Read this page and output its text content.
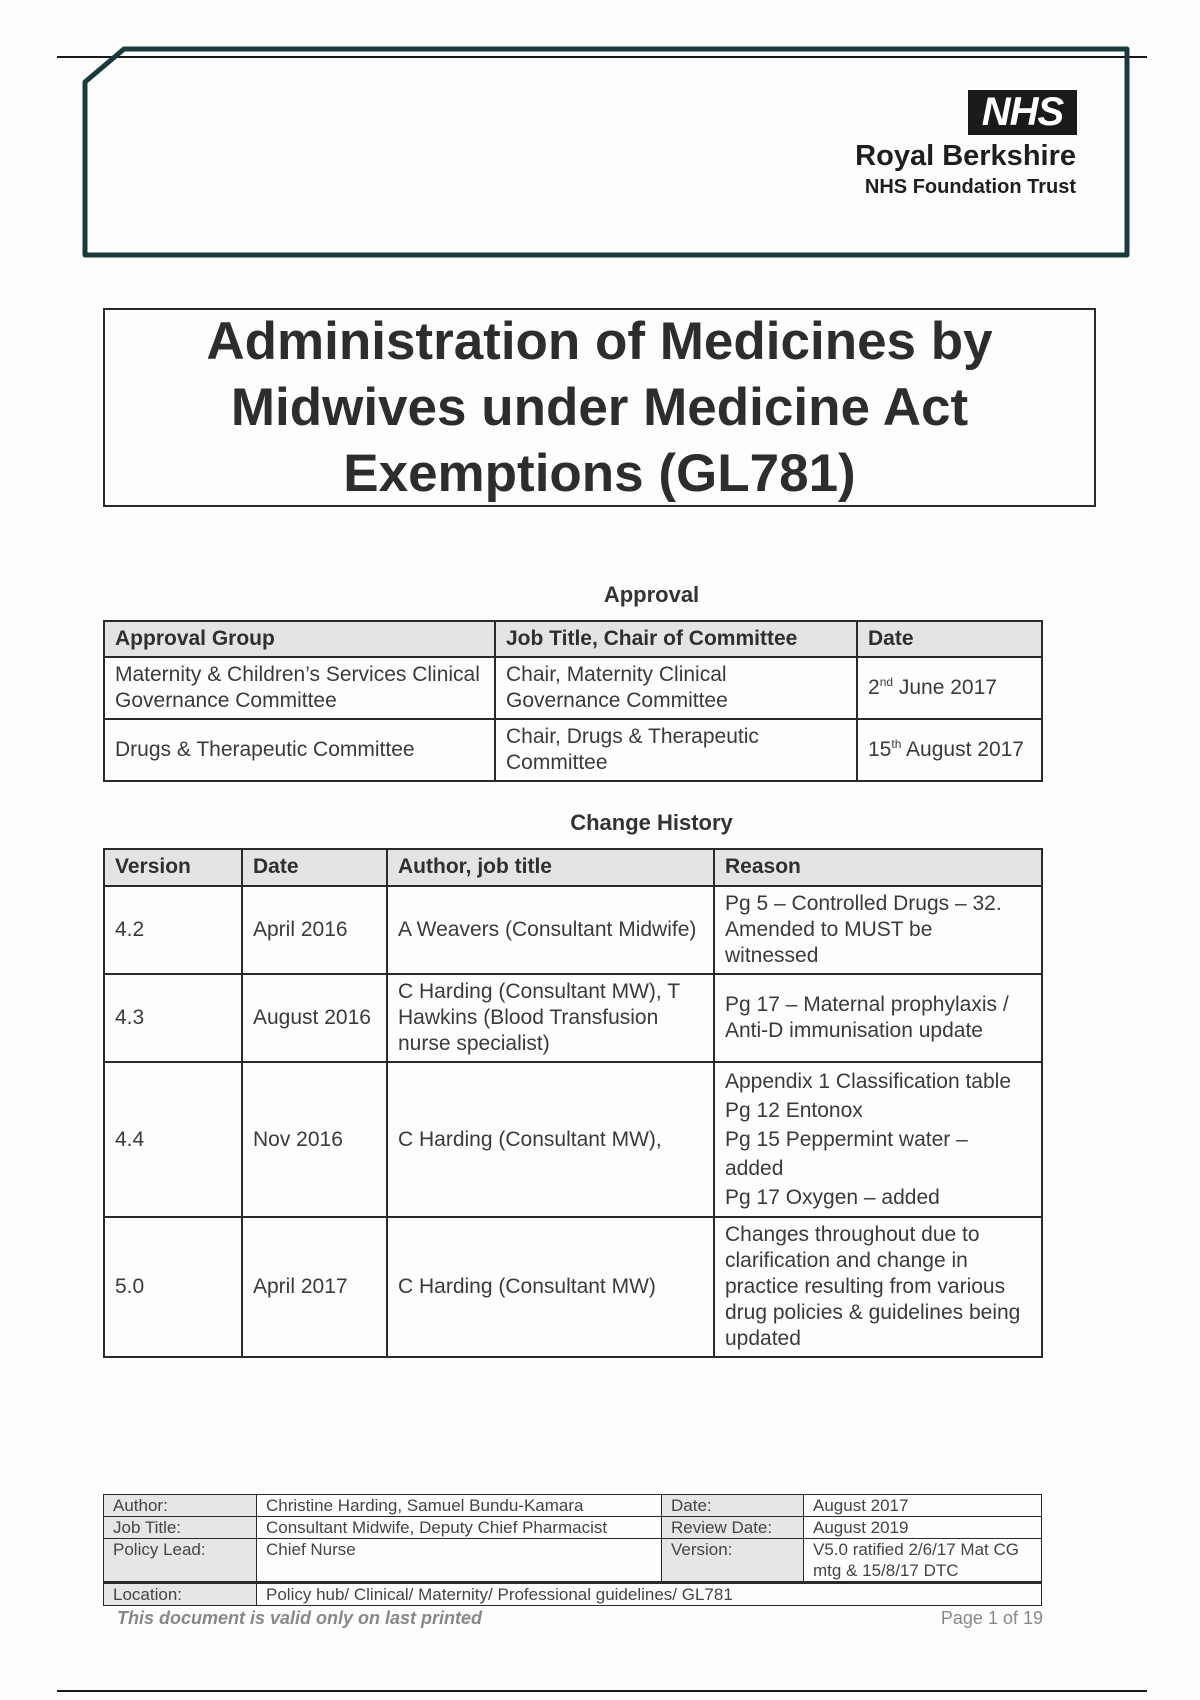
NHS
Royal Berkshire
NHS Foundation Trust
Administration of Medicines by
Midwives under Medicine Act
Exemptions (GL781)
Approval
Approval Group	Job Title, Chair of Committee	Date
Maternity & Children’s Services Clinical Governance Committee	Chair, Maternity Clinical Governance Committee	2nd June 2017
Drugs & Therapeutic Committee	Chair, Drugs & Therapeutic Committee	15th August 2017
Change History
Version	Date	Author, job title	Reason
4.2	April 2016	A Weavers (Consultant Midwife)	Pg 5 – Controlled Drugs – 32. Amended to MUST be witnessed
4.3	August 2016	C Harding (Consultant MW), T Hawkins (Blood Transfusion nurse specialist)	Pg 17 – Maternal prophylaxis / Anti-D immunisation update
4.4	Nov 2016	C Harding (Consultant MW),	Appendix 1 Classification table
Pg 12 Entonox
Pg 15 Peppermint water – added
Pg 17 Oxygen – added

5.0	April 2017	C Harding (Consultant MW)	Changes throughout due to clarification and change in practice resulting from various drug policies & guidelines being updated
Author:	Christine Harding, Samuel Bundu-Kamara	Date:	August 2017
Job Title:	Consultant Midwife, Deputy Chief Pharmacist	Review Date:	August 2019
Policy Lead:	Chief Nurse	Version:	V5.0 ratified 2/6/17 Mat CG mtg & 15/8/17 DTC
Location:	Policy hub/ Clinical/ Maternity/ Professional guidelines/ GL781		
This document is valid only on last printed	Page 1 of 19
